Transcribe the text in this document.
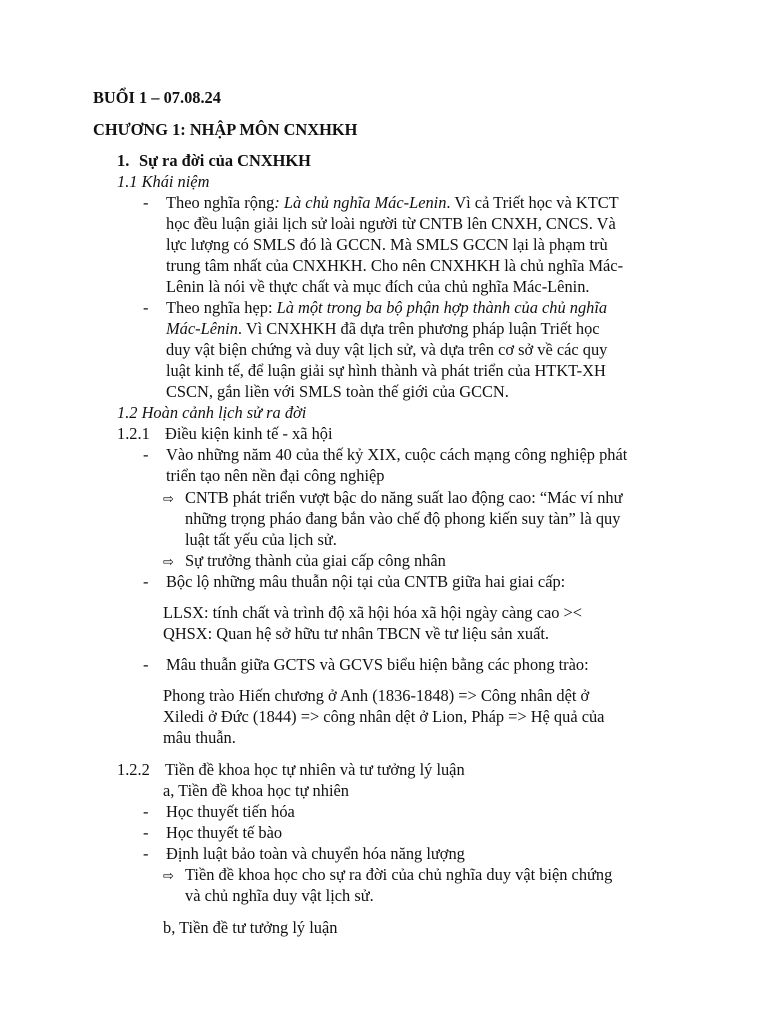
BUỔI 1 – 07.08.24
CHƯƠNG 1: NHẬP MÔN CNXHKH
1. Sự ra đời của CNXHKH
1.1 Khái niệm
- Theo nghĩa rộng: Là chủ nghĩa Mác-Lenin. Vì cả Triết học và KTCT
học đều luận giải lịch sử loài người từ CNTB lên CNXH, CNCS. Và
lực lượng có SMLS đó là GCCN. Mà SMLS GCCN lại là phạm trù
trung tâm nhất của CNXHKH. Cho nên CNXHKH là chủ nghĩa Mác-
Lênin là nói về thực chất và mục đích của chủ nghĩa Mác-Lênin.
- Theo nghĩa hẹp: Là một trong ba bộ phận hợp thành của chủ nghĩa
Mác-Lênin. Vì CNXHKH đã dựa trên phương pháp luận Triết học
duy vật biện chứng và duy vật lịch sử, và dựa trên cơ sở về các quy
luật kinh tế, để luận giải sự hình thành và phát triển của HTKT-XH
CSCN, gắn liền với SMLS toàn thế giới của GCCN.
1.2 Hoàn cảnh lịch sử ra đời
1.2.1 Điều kiện kinh tế - xã hội
- Vào những năm 40 của thế kỷ XIX, cuộc cách mạng công nghiệp phát
triển tạo nên nền đại công nghiệp
⇨ CNTB phát triển vượt bậc do năng suất lao động cao: “Mác ví như
những trọng pháo đang bắn vào chế độ phong kiến suy tàn” là quy
luật tất yếu của lịch sử.
⇨ Sự trưởng thành của giai cấp công nhân
- Bộc lộ những mâu thuẫn nội tại của CNTB giữa hai giai cấp:
LLSX: tính chất và trình độ xã hội hóa xã hội ngày càng cao ><
QHSX: Quan hệ sở hữu tư nhân TBCN về tư liệu sản xuất.
- Mâu thuẫn giữa GCTS và GCVS biểu hiện bằng các phong trào:
Phong trào Hiến chương ở Anh (1836-1848) => Công nhân dệt ở
Xiledi ở Đức (1844) => công nhân dệt ở Lion, Pháp => Hệ quả của
mâu thuẫn.
1.2.2 Tiền đề khoa học tự nhiên và tư tưởng lý luận
a, Tiền đề khoa học tự nhiên
- Học thuyết tiến hóa
- Học thuyết tế bào
- Định luật bảo toàn và chuyển hóa năng lượng
⇨ Tiền đề khoa học cho sự ra đời của chủ nghĩa duy vật biện chứng
và chủ nghĩa duy vật lịch sử.
b, Tiền đề tư tưởng lý luận
